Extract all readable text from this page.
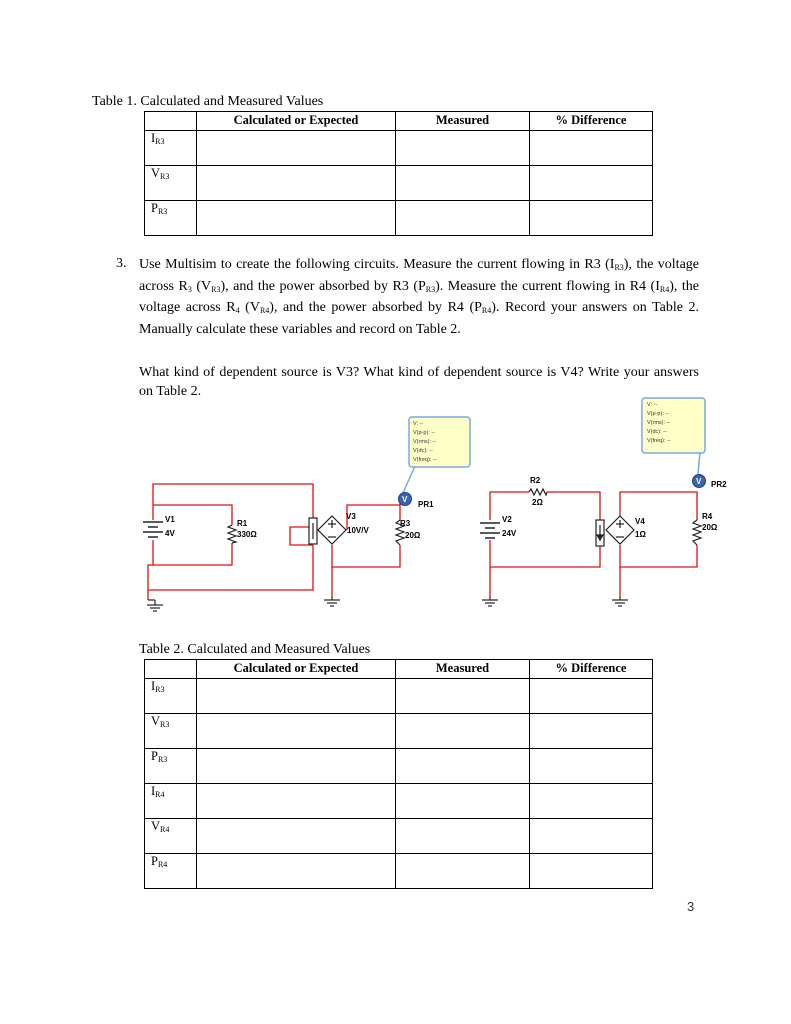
Table 1. Calculated and Measured Values
	Calculated or Expected	Measured	% Difference
$I_{R3}$			
$V_{R3}$			
$P_{R3}$			
3. Use Multisim to create the following circuits. Measure the current flowing in R3 $(I_{R3})$, the voltage across $R_3$ $(V_{R3})$, and the power absorbed by R3 $(P_{R3})$. Measure the current flowing in R4 $(I_{R4})$, the voltage across $R_4$ $(V_{R4})$, and the power absorbed by R4 $(P_{R4})$. Record your answers on Table 2. Manually calculate these variables and record on Table 2.
What kind of dependent source is V3? What kind of dependent source is V4? Write your answers on Table 2.
V1
4V
R1
330Ω
V3
10V/V
R3
20Ω
V: -- V(p-p): -- V(rms): -- V(dc): -- V(freq): --
V
PR1
R2
2Ω
V2
24V
V4
1Ω
R4
20Ω
V: -- V(p-p): -- V(rms): -- V(dc): -- V(freq): --
V PR2
Table 2. Calculated and Measured Values
	Calculated or Expected	Measured	% Difference
$I_{R3}$			
$V_{R3}$			
$P_{R3}$			
$I_{R4}$			
$V_{R4}$			
$P_{R4}$			
3
